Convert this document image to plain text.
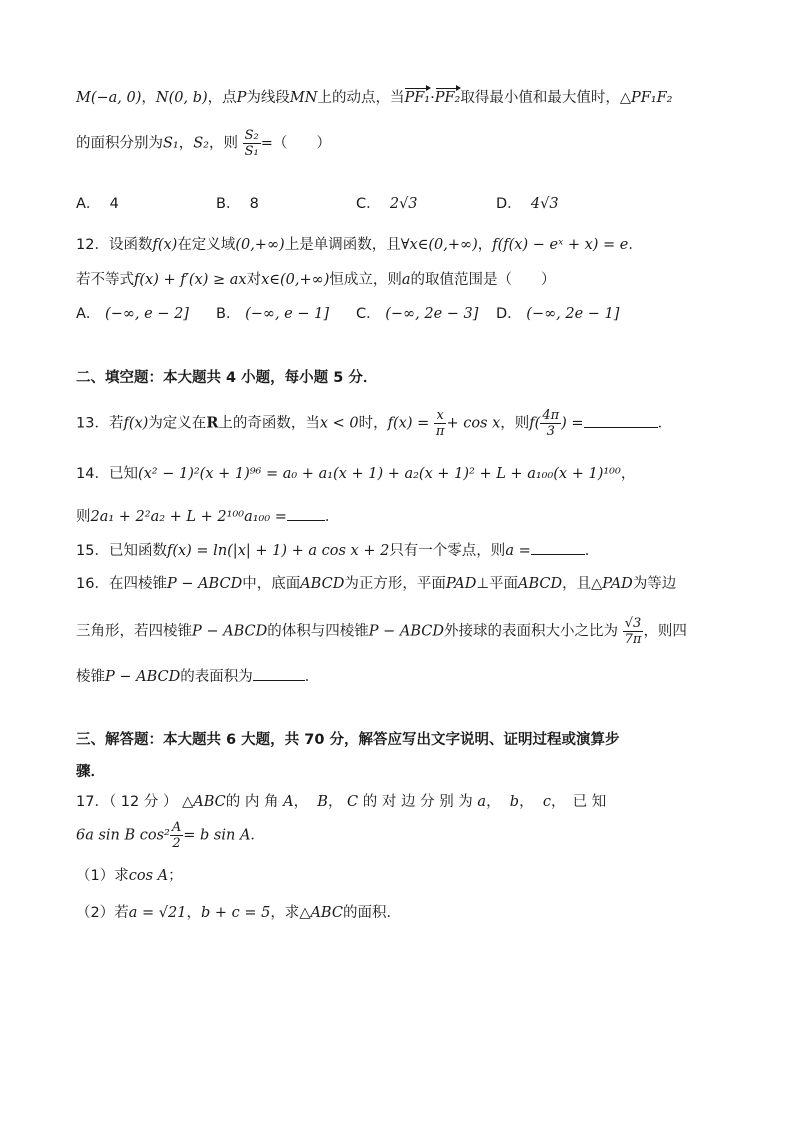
M(−a, 0)，N(0, b)，点P为线段MN上的动点，当PF₁·PF₂取得最小值和最大值时，△PF₁F₂
的面积分别为S₁，S₂，则 $\frac{\text{S₂}}{\text{S₁}}$ =（　　）
A． 4	B． 8	C． 2√3	D． 4√3
12．设函数f(x)在定义域(0,+∞)上是单调函数，且∀x∈(0,+∞)，f(f(x) − eˣ + x) = e．
若不等式f(x) + f′(x) ≥ ax对x∈(0,+∞)恒成立，则a的取值范围是（　　）
A． (−∞, e − 2] B． (−∞, e − 1] C． (−∞, 2e − 3] D． (−∞, 2e − 1]
二、填空题：本大题共 4 小题，每小题 5 分．
13．若f(x)为定义在R上的奇函数，当x < 0时，$f(x) = \frac{x}{\pi} + \cos x$，则$f( \frac{4\pi}{3}$ ) =	．
14．已知(x² − 1)²(x + 1)⁹⁶ = a₀ + a₁(x + 1) + a₂(x + 1)² + L + a₁₀₀(x + 1)¹⁰⁰，
则2a₁ + 2²a₂ + L + 2¹⁰⁰a₁₀₀ =	．
15．已知函数f(x) = ln(|x| + 1) + a cos x + 2只有一个零点，则a =	．
16．在四棱锥P − ABCD中，底面ABCD为正方形，平面PAD⊥平面ABCD，且△PAD为等边
三角形，若四棱锥P − ABCD的体积与四棱锥P − ABCD外接球的表面积大小之比为 $\frac{√3}{7\pi}$ ，则四
棱锥P − ABCD的表面积为	．
三、解答题：本大题共 6 大题，共 70 分，解答应写出文字说明、证明过程或演算步
骤．
17．（ 12 分 ） △ABC的 内 角 A， B， C 的 对 边 分 别 为 a， b， c，　已 知
6a sin B $\cos^2 \frac{A}{2} = b$ sin A．
（1）求cos A；
（2）若a = √21，b + c = 5，求△ABC的面积．
